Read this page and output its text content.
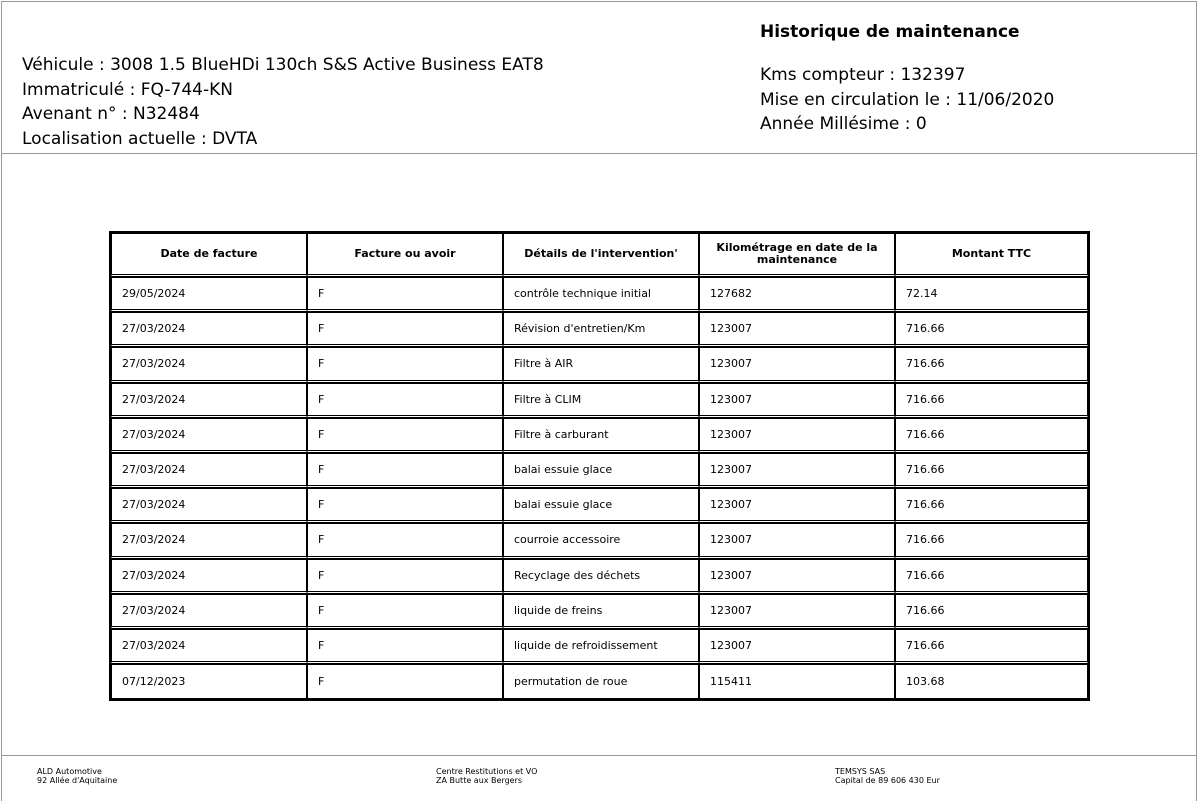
Véhicule : 3008 1.5 BlueHDi 130ch S&S Active Business EAT8
Immatriculé : FQ-744-KN
Avenant n° : N32484
Localisation actuelle : DVTA
Historique de maintenance
Kms compteur : 132397
Mise en circulation le : 11/06/2020
Année Millésime : 0
Date de facture	Facture ou avoir	Détails de l'intervention'	Kilométrage en date de la maintenance	Montant TTC
29/05/2024	F	contrôle technique initial	127682	72.14
27/03/2024	F	Révision d'entretien/Km	123007	716.66
27/03/2024	F	Filtre à AIR	123007	716.66
27/03/2024	F	Filtre à CLIM	123007	716.66
27/03/2024	F	Filtre à carburant	123007	716.66
27/03/2024	F	balai essuie glace	123007	716.66
27/03/2024	F	balai essuie glace	123007	716.66
27/03/2024	F	courroie accessoire	123007	716.66
27/03/2024	F	Recyclage des déchets	123007	716.66
27/03/2024	F	liquide de freins	123007	716.66
27/03/2024	F	liquide de refroidissement	123007	716.66
07/12/2023	F	permutation de roue	115411	103.68
ALD Automotive
92 Allée d'Aquitaine
Centre Restitutions et VO
ZA Butte aux Bergers
TEMSYS SAS
Capital de 89 606 430 Eur
